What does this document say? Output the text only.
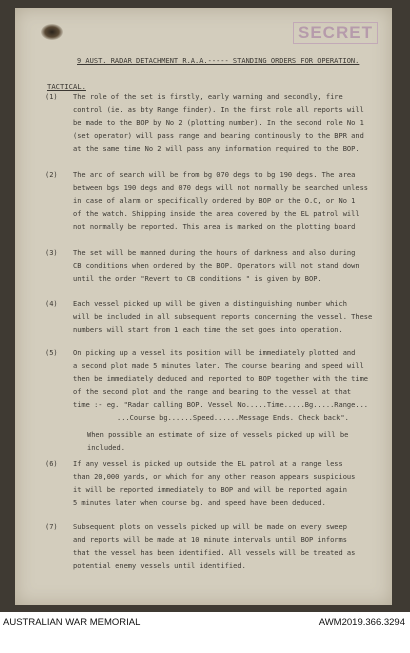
SECRET
9 AUST. RADAR DETACHMENT R.A.A.----- STANDING ORDERS FOR OPERATION.
TACTICAL.
(1) The role of the set is firstly, early warning and secondly, fire
control (ie. as bty Range finder). In the first role all reports will
be made to the BOP by No 2 (plotting number). In the second role No 1
(set operator) will pass range and bearing continously to the BPR and
at the same time No 2 will pass any information required to the BOP.
(2) The arc of search will be from bg 070 degs to bg 190 degs. The area
between bgs 190 degs and 070 degs will not normally be searched unless
in case of alarm or specifically ordered by BOP or the O.C, or No 1
of the watch. Shipping inside the area covered by the EL patrol will
not normally be reported. This area is marked on the plotting board
(3) The set will be manned during the hours of darkness and also during
CB conditions when ordered by the BOP. Operators will not stand down
until the order "Revert to CB conditions " is given by BOP.
(4) Each vessel picked up will be given a distinguishing number which
will be included in all subsequent reports concerning the vessel. These
numbers will start from 1 each time the set goes into operation.
(5) On picking up a vessel its position will be immediately plotted and
a second plot made 5 minutes later. The course bearing and speed will
then be immediately deduced and reported to BOP together with the time
of the second plot and the range and bearing to the vessel at that
time :- eg. "Radar calling BOP. Vessel No.....Time.....Bg.....Range...
...Course bg......Speed......Message Ends. Check back".
When possible an estimate of size of vessels picked up will be
included.
(6) If any vessel is picked up outside the EL patrol at a range less
than 20,000 yards, or which for any other reason appears suspicious
it will be reported immediately to BOP and will be reported again
5 minutes later when course bg. and speed have been deduced.
(7) Subsequent plots on vessels picked up will be made on every sweep
and reports will be made at 10 minute intervals until BOP informs
that the vessel has been identified. All vessels will be treated as
potential enemy vessels until identified.
AUSTRALIAN WAR MEMORIAL	AWM2019.366.3294
